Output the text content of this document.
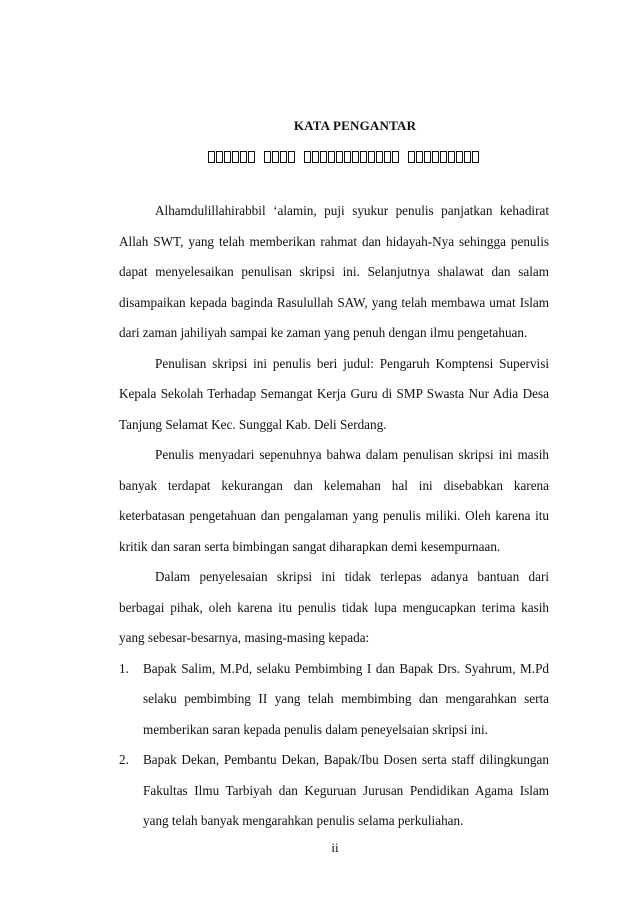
KATA PENGANTAR

Alhamdulillahirabbil ‘alamin, puji syukur penulis panjatkan kehadirat Allah SWT, yang telah memberikan rahmat dan hidayah-Nya sehingga penulis dapat menyelesaikan penulisan skripsi ini. Selanjutnya shalawat dan salam disampaikan kepada baginda Rasulullah SAW, yang telah membawa umat Islam dari zaman jahiliyah sampai ke zaman yang penuh dengan ilmu pengetahuan.

Penulisan skripsi ini penulis beri judul: Pengaruh Komptensi Supervisi Kepala Sekolah Terhadap Semangat Kerja Guru di SMP Swasta Nur Adia Desa Tanjung Selamat Kec. Sunggal Kab. Deli Serdang.

Penulis menyadari sepenuhnya bahwa dalam penulisan skripsi ini masih banyak terdapat kekurangan dan kelemahan hal ini disebabkan karena keterbatasan pengetahuan dan pengalaman yang penulis miliki. Oleh karena itu kritik dan saran serta bimbingan sangat diharapkan demi kesempurnaan.

Dalam penyelesaian skripsi ini tidak terlepas adanya bantuan dari berbagai pihak, oleh karena itu penulis tidak lupa mengucapkan terima kasih yang sebesar-besarnya, masing-masing kepada:

1. Bapak Salim, M.Pd, selaku Pembimbing I dan Bapak Drs. Syahrum, M.Pd selaku pembimbing II yang telah membimbing dan mengarahkan serta memberikan saran kepada penulis dalam peneyelsaian skripsi ini.
2. Bapak Dekan, Pembantu Dekan, Bapak/Ibu Dosen serta staff dilingkungan Fakultas Ilmu Tarbiyah dan Keguruan Jurusan Pendidikan Agama Islam yang telah banyak mengarahkan penulis selama perkuliahan.
ii
